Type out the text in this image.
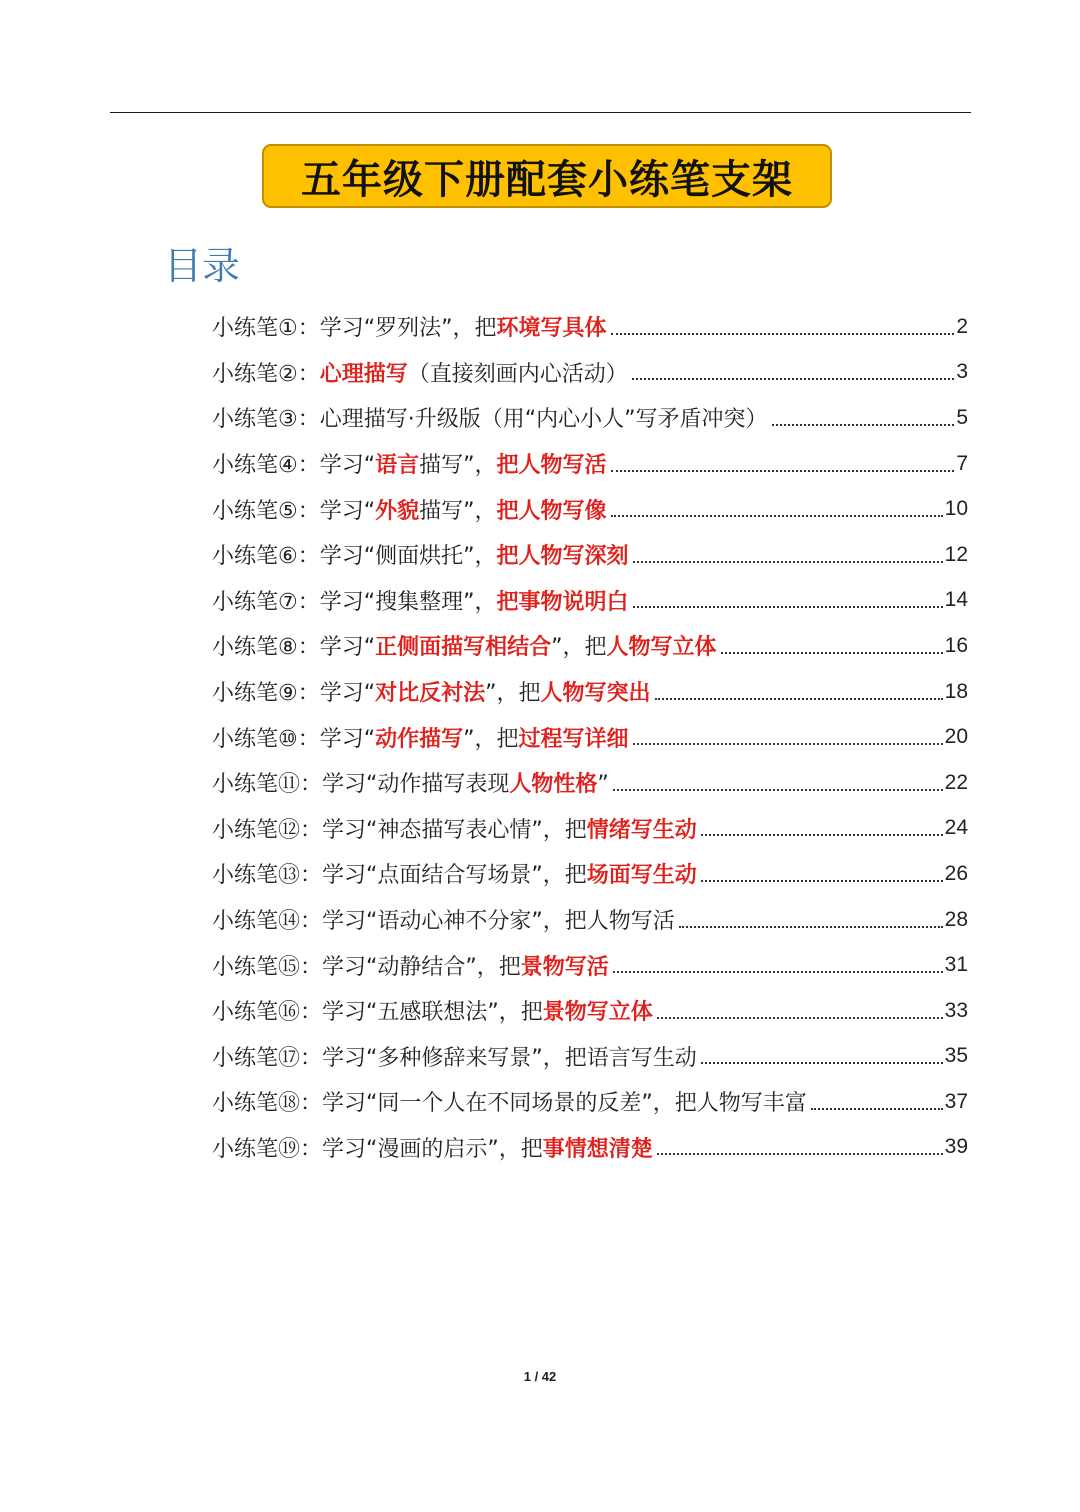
五年级下册配套小练笔支架
目录
小练笔①：学习“罗列法”，把环境写具体	2
小练笔②：心理描写（直接刻画内心活动）	3
小练笔③：心理描写·升级版（用“内心小人”写矛盾冲突）	5
小练笔④：学习“语言描写”，把人物写活	7
小练笔⑤：学习“外貌描写”，把人物写像	10
小练笔⑥：学习“侧面烘托”，把人物写深刻	12
小练笔⑦：学习“搜集整理”，把事物说明白	14
小练笔⑧：学习“正侧面描写相结合”，把人物写立体	16
小练笔⑨：学习“对比反衬法”，把人物写突出	18
小练笔⑩：学习“动作描写”，把过程写详细	20
小练笔⑪：学习“动作描写表现人物性格”	22
小练笔⑫：学习“神态描写表心情”，把情绪写生动	24
小练笔⑬：学习“点面结合写场景”，把场面写生动	26
小练笔⑭：学习“语动心神不分家”，把人物写活	28
小练笔⑮：学习“动静结合”，把景物写活	31
小练笔⑯：学习“五感联想法”，把景物写立体	33
小练笔⑰：学习“多种修辞来写景”，把语言写生动	35
小练笔⑱：学习“同一个人在不同场景的反差”，把人物写丰富	37
小练笔⑲：学习“漫画的启示”，把事情想清楚	39
1 / 42
